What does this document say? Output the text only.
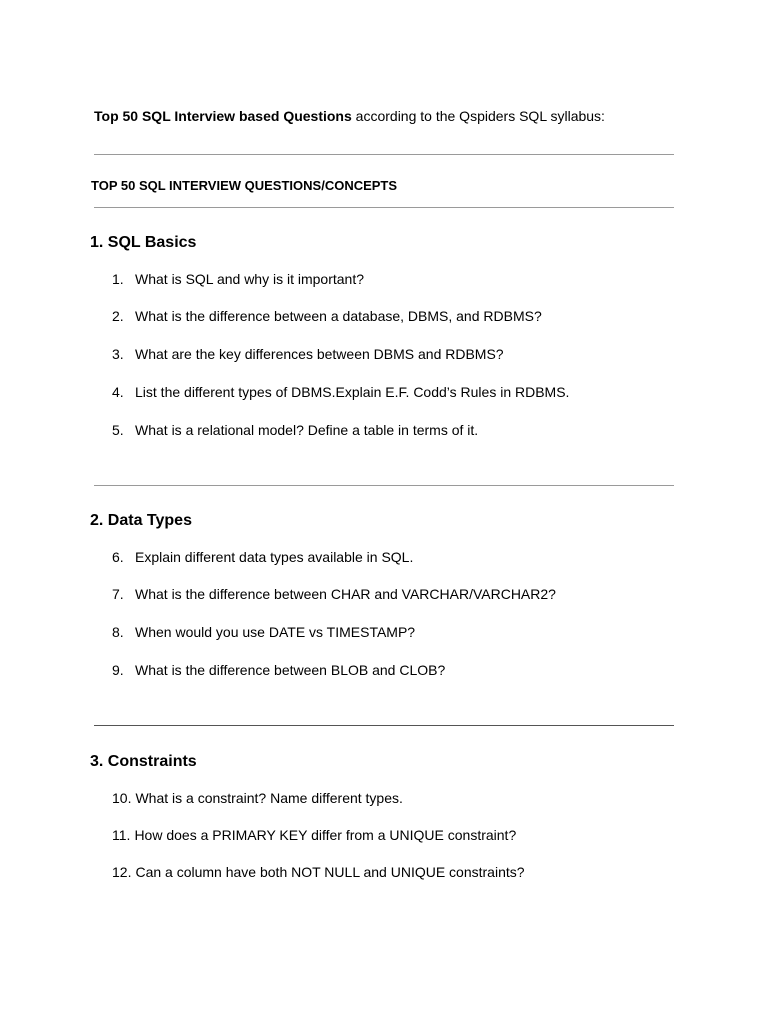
Top 50 SQL Interview based Questions according to the Qspiders SQL syllabus:
TOP 50 SQL INTERVIEW QUESTIONS/CONCEPTS
1. SQL Basics
1. What is SQL and why is it important?
2. What is the difference between a database, DBMS, and RDBMS?
3. What are the key differences between DBMS and RDBMS?
4. List the different types of DBMS.Explain E.F. Codd’s Rules in RDBMS.
5. What is a relational model? Define a table in terms of it.
2. Data Types
6. Explain different data types available in SQL.
7. What is the difference between CHAR and VARCHAR/VARCHAR2?
8. When would you use DATE vs TIMESTAMP?
9. What is the difference between BLOB and CLOB?
3. Constraints
10. What is a constraint? Name different types.
11. How does a PRIMARY KEY differ from a UNIQUE constraint?
12. Can a column have both NOT NULL and UNIQUE constraints?
